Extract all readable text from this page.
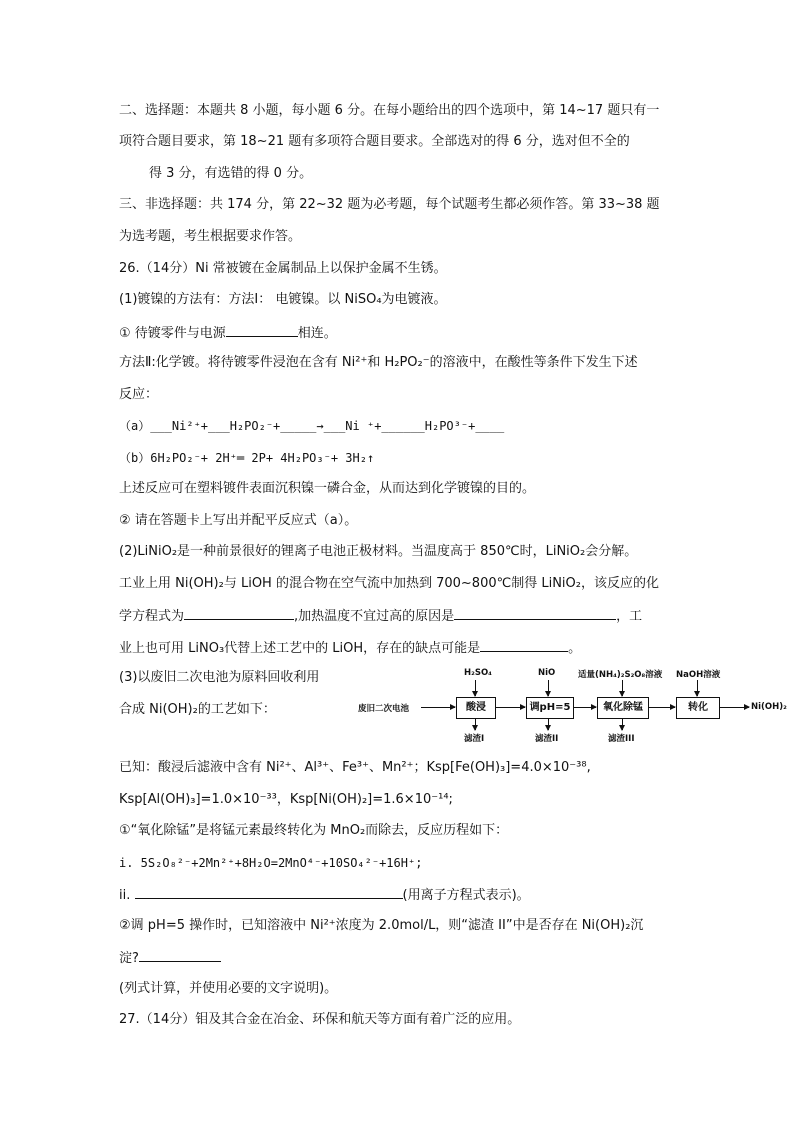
二、选择题：本题共 8 小题，每小题 6 分。在每小题给出的四个选项中，第 14~17 题只有一
项符合题目要求，第 18~21 题有多项符合题目要求。全部选对的得 6 分，选对但不全的
得 3 分，有选错的得 0 分。
三、非选择题：共 174 分，第 22~32 题为必考题，每个试题考生都必须作答。第 33~38 题
为选考题，考生根据要求作答。
26.（14分）Ni 常被镀在金属制品上以保护金属不生锈。
(1)镀镍的方法有：方法Ⅰ： 电镀镍。以 NiSO₄为电镀液。
① 待镀零件与电源	相连。
方法Ⅱ:化学镀。将待镀零件浸泡在含有 Ni²⁺和 H₂PO₂⁻的溶液中，在酸性等条件下发生下述
反应：
（a）___Ni²⁺+___H₂PO₂⁻+_____→___Ni ⁺+______H₂PO³⁻+____
（b）6H₂PO₂⁻+ 2H⁺═ 2P+ 4H₂PO₃⁻+ 3H₂↑
上述反应可在塑料镀件表面沉积镍一磷合金，从而达到化学镀镍的目的。
② 请在答题卡上写出并配平反应式（a）。
(2)LiNiO₂是一种前景很好的锂离子电池正极材料。当温度高于 850℃时，LiNiO₂会分解。
工业上用 Ni(OH)₂与 LiOH 的混合物在空气流中加热到 700~800℃制得 LiNiO₂，该反应的化
学方程式为	,加热温度不宜过高的原因是	，工
业上也可用 LiNO₃代替上述工艺中的 LiOH，存在的缺点可能是	。
(3)以废旧二次电池为原料回收利用
合成 Ni(OH)₂的工艺如下：	废旧二次电池	酸浸	调pH=5	氧化除锰	转化	Ni(OH)₂
H₂SO₄	NiO	适量(NH₄)₂S₂O₈溶液 NaOH溶液
滤渣I	滤渣II	滤渣III
已知：酸浸后滤液中含有 Ni²⁺、Al³⁺、Fe³⁺、Mn²⁺；Ksp[Fe(OH)₃]=4.0×10⁻³⁸,
Ksp[Al(OH)₃]=1.0×10⁻³³，Ksp[Ni(OH)₂]=1.6×10⁻¹⁴;
①“氧化除锰”是将锰元素最终转化为 MnO₂而除去，反应历程如下：
i. 5S₂O₈²⁻+2Mn²⁺+8H₂O=2MnO⁴⁻+10SO₄²⁻+16H⁺;
ii.	(用离子方程式表示)。
②调 pH=5 操作时，已知溶液中 Ni²⁺浓度为 2.0mol/L，则“滤渣 II”中是否存在 Ni(OH)₂沉
淀?
(列式计算，并使用必要的文字说明)。
27.（14分）钼及其合金在冶金、环保和航天等方面有着广泛的应用。
